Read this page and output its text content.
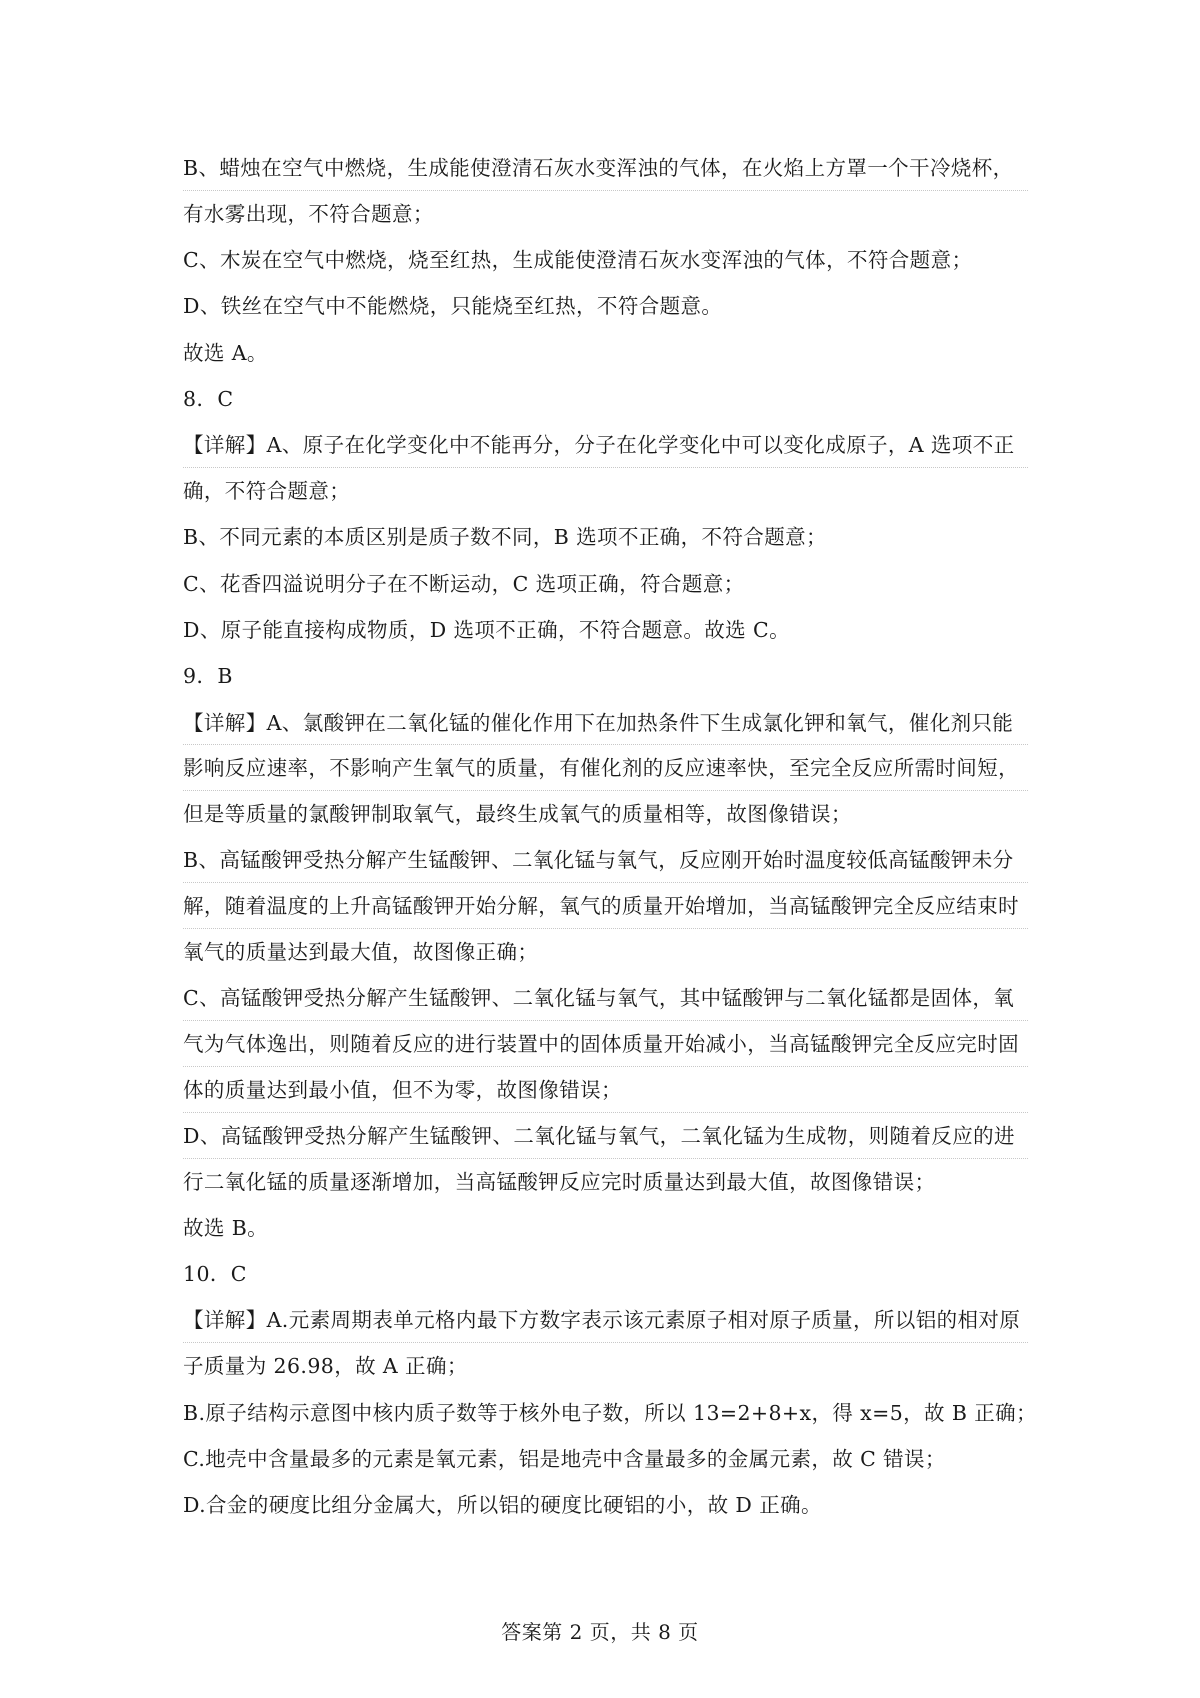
B、蜡烛在空气中燃烧，生成能使澄清石灰水变浑浊的气体，在火焰上方罩一个干冷烧杯，
有水雾出现，不符合题意；
C、木炭在空气中燃烧，烧至红热，生成能使澄清石灰水变浑浊的气体，不符合题意；
D、铁丝在空气中不能燃烧，只能烧至红热，不符合题意。
故选 A。
8．C
【详解】A、原子在化学变化中不能再分，分子在化学变化中可以变化成原子，A 选项不正
确，不符合题意；
B、不同元素的本质区别是质子数不同，B 选项不正确，不符合题意；
C、花香四溢说明分子在不断运动，C 选项正确，符合题意；
D、原子能直接构成物质，D 选项不正确，不符合题意。故选 C。
9．B
【详解】A、氯酸钾在二氧化锰的催化作用下在加热条件下生成氯化钾和氧气，催化剂只能
影响反应速率，不影响产生氧气的质量，有催化剂的反应速率快，至完全反应所需时间短，
但是等质量的氯酸钾制取氧气，最终生成氧气的质量相等，故图像错误；
B、高锰酸钾受热分解产生锰酸钾、二氧化锰与氧气，反应刚开始时温度较低高锰酸钾未分
解，随着温度的上升高锰酸钾开始分解，氧气的质量开始增加，当高锰酸钾完全反应结束时
氧气的质量达到最大值，故图像正确；
C、高锰酸钾受热分解产生锰酸钾、二氧化锰与氧气，其中锰酸钾与二氧化锰都是固体，氧
气为气体逸出，则随着反应的进行装置中的固体质量开始减小，当高锰酸钾完全反应完时固
体的质量达到最小值，但不为零，故图像错误；
D、高锰酸钾受热分解产生锰酸钾、二氧化锰与氧气，二氧化锰为生成物，则随着反应的进
行二氧化锰的质量逐渐增加，当高锰酸钾反应完时质量达到最大值，故图像错误；
故选 B。
10．C
【详解】A.元素周期表单元格内最下方数字表示该元素原子相对原子质量，所以铝的相对原
子质量为 26.98，故 A 正确；
B.原子结构示意图中核内质子数等于核外电子数，所以 13=2+8+x，得 x=5，故 B 正确；
C.地壳中含量最多的元素是氧元素，铝是地壳中含量最多的金属元素，故 C 错误；
D.合金的硬度比组分金属大，所以铝的硬度比硬铝的小，故 D 正确。
答案第 2 页，共 8 页
